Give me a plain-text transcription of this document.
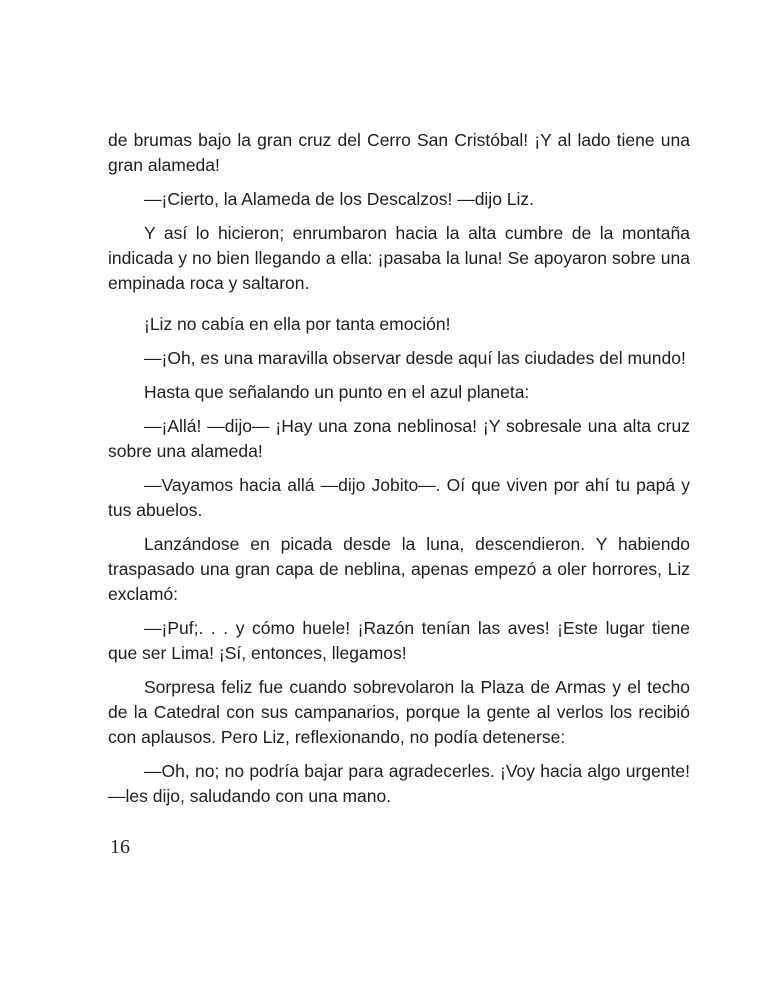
de brumas bajo la gran cruz del Cerro San Cristóbal! ¡Y al lado tiene una gran alameda!

—¡Cierto, la Alameda de los Descalzos! —dijo Liz.

Y así lo hicieron; enrumbaron hacia la alta cumbre de la montaña indicada y no bien llegando a ella: ¡pasaba la luna! Se apoyaron sobre una empinada roca y saltaron.

¡Liz no cabía en ella por tanta emoción!

—¡Oh, es una maravilla observar desde aquí las ciudades del mundo!

Hasta que señalando un punto en el azul planeta:

—¡Allá! —dijo— ¡Hay una zona neblinosa! ¡Y sobresale una alta cruz sobre una alameda!

—Vayamos hacia allá —dijo Jobito—. Oí que viven por ahí tu papá y tus abuelos.

Lanzándose en picada desde la luna, descendieron. Y habiendo traspasado una gran capa de neblina, apenas empezó a oler horrores, Liz exclamó:

—¡Puf;. . . y cómo huele! ¡Razón tenían las aves! ¡Este lugar tiene que ser Lima! ¡Sí, entonces, llegamos!

Sorpresa feliz fue cuando sobrevolaron la Plaza de Armas y el techo de la Catedral con sus campanarios, porque la gente al verlos los recibió con aplausos. Pero Liz, reflexionando, no podía detenerse:

—Oh, no; no podría bajar para agradecerles. ¡Voy hacia algo urgente! —les dijo, saludando con una mano.

16
